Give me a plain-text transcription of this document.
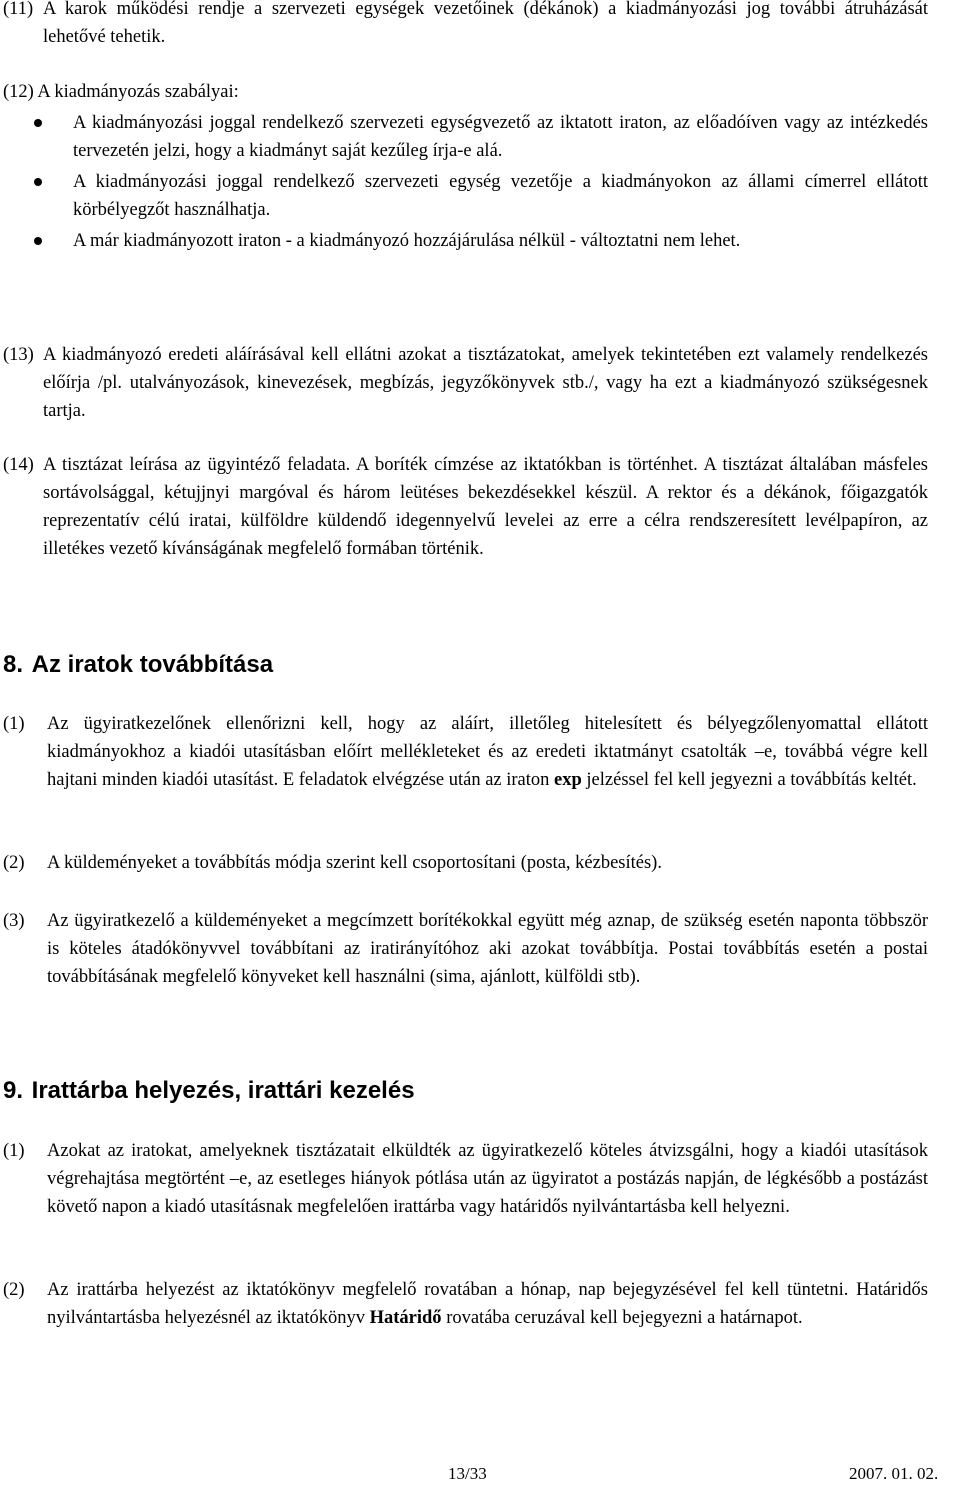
(11) A karok működési rendje a szervezeti egységek vezetőinek (dékánok) a kiadmányozási jog további átruházását lehetővé tehetik.
(12) A kiadmányozás szabályai:
A kiadmányozási joggal rendelkező szervezeti egységvezető az iktatott iraton, az előadóíven vagy az intézkedés tervezetén jelzi, hogy a kiadmányt saját kezűleg írja-e alá.
A kiadmányozási joggal rendelkező szervezeti egység vezetője a kiadmányokon az állami címerrel ellátott körbélyegzőt használhatja.
A már kiadmányozott iraton - a kiadmányozó hozzájárulása nélkül - változtatni nem lehet.
(13) A kiadmányozó eredeti aláírásával kell ellátni azokat a tisztázatokat, amelyek tekintetében ezt valamely rendelkezés előírja /pl. utalványozások, kinevezések, megbízás, jegyzőkönyvek stb./, vagy ha ezt a kiadmányozó szükségesnek tartja.
(14) A tisztázat leírása az ügyintéző feladata. A boríték címzése az iktatókban is történhet. A tisztázat általában másfeles sortávolsággal, kétujjnyi margóval és három leütéses bekezdésekkel készül. A rektor és a dékánok, főigazgatók reprezentatív célú iratai, külföldre küldendő idegennyelvű levelei az erre a célra rendszeresített levélpapíron, az illetékes vezető kívánságának megfelelő formában történik.
8. Az iratok továbbítása
(1) Az ügyiratkezelőnek ellenőrizni kell, hogy az aláírt, illetőleg hitelesített és bélyegzőlenyomattal ellátott kiadmányokhoz a kiadói utasításban előírt mellékleteket és az eredeti iktatmányt csatolták –e, továbbá végre kell hajtani minden kiadói utasítást. E feladatok elvégzése után az iraton exp jelzéssel fel kell jegyezni a továbbítás keltét.
(2) A küldeményeket a továbbítás módja szerint kell csoportosítani (posta, kézbesítés).
(3) Az ügyiratkezelő a küldeményeket a megcímzett borítékokkal együtt még aznap, de szükség esetén naponta többször is köteles átadókönyvvel továbbítani az iratirányítóhoz aki azokat továbbítja. Postai továbbítás esetén a postai továbbításának megfelelő könyveket kell használni (sima, ajánlott, külföldi stb).
9. Irattárba helyezés, irattári kezelés
(1) Azokat az iratokat, amelyeknek tisztázatait elküldték az ügyiratkezelő köteles átvizsgálni, hogy a kiadói utasítások végrehajtása megtörtént –e, az esetleges hiányok pótlása után az ügyiratot a postázás napján, de légkésőbb a postázást követő napon a kiadó utasításnak megfelelően irattárba vagy határidős nyilvántartásba kell helyezni.
(2) Az irattárba helyezést az iktatókönyv megfelelő rovatában a hónap, nap bejegyzésével fel kell tüntetni. Határidős nyilvántartásba helyezésnél az iktatókönyv Határidő rovatába ceruzával kell bejegyezni a határnapot.
13/33	2007. 01. 02.
